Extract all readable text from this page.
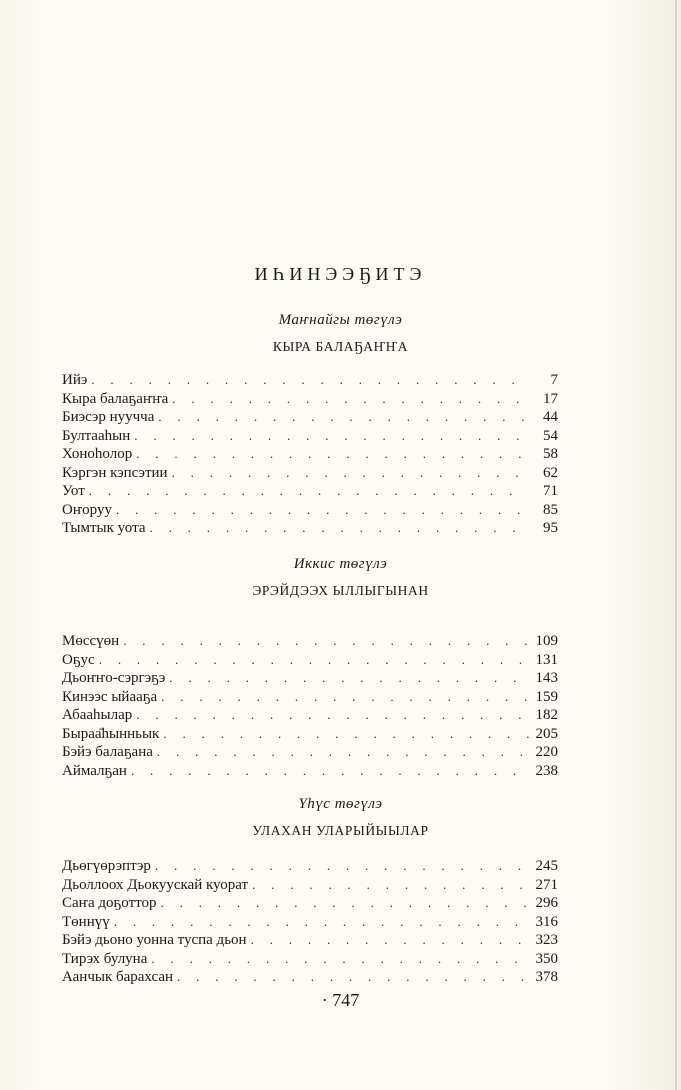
ИҺИНЭЭҔИТЭ
Маҥнайгы төгүлэ
КЫРА БАЛАҔАҤҤА
Ийэ . . .	7
Кыра балаҕаҥҥа . . .	17
Биэсэр нууччa . . .	44
Бултааһын . . .	54
Хоноһолор . . .	58
Кэргэн кэпсэтии . . .	62
Уот . . .	71
Оҥоруу . . .	85
Тымтык уота . . .	95
Иккис төгүлэ
ЭРЭЙДЭЭХ ЫЛЛЫГЫНАН
Мөссүөн . . .	109
Оҕус . . .	131
Дьоҥҥо-сэргэҕэ . . .	143
Кинээс ыйааҕа . . .	159
Абааһылар . . .	182
Быраа̄һынньык . . .	205
Бэйэ балаҕана . . .	220
Аймалҕан . . .	238
Үһүс төгүлэ
УЛАХАН УЛАРЫЙЫЫЛАР
Дьөгүөрэптэр . . .	245
Дьоллоох Дьокуускай куорат . . .	271
Саҥа доҕоттор . . .	296
Төннүү . . .	316
Бэйэ дьоно уонна туспа дьон . . .	323
Тирэх булуна . . .	350
Аанчык барахсан . . .	378
· 747
